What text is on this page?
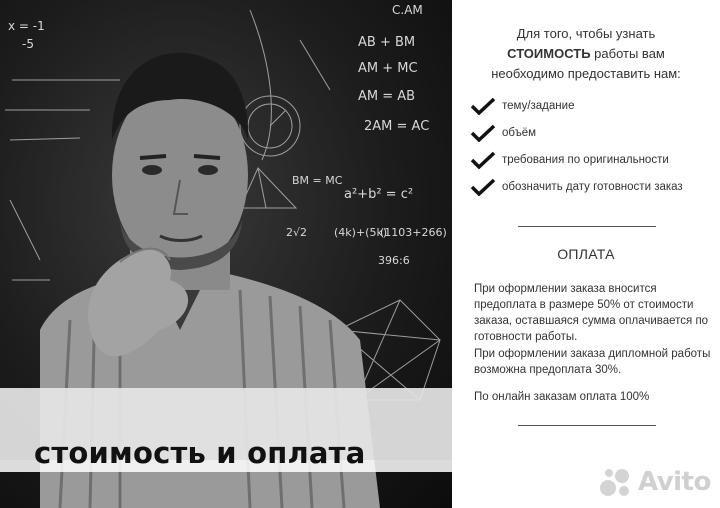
C.AM
AB + BM
AM + MC
AM = AB
2AM = AC
a²+b² = c²
BM = MC
(4k)+(5k)
x = -1
-5
2√2	(1103+266)
396:6
стоимость и оплата
Для того, чтобы узнать
СТОИМОСТЬ работы вам
необходимо предоставить нам:
тему/задание
объём
требования по оригинальности
обозначить дату готовности заказ
ОПЛАТА

При оформлении заказа вносится предоплата в размере 50% от стоимости заказа, оставшаяся сумма оплачивается по готовности работы.

При оформлении заказа дипломной работы возможна предоплата 30%.

По онлайн заказам оплата 100%

Avito
